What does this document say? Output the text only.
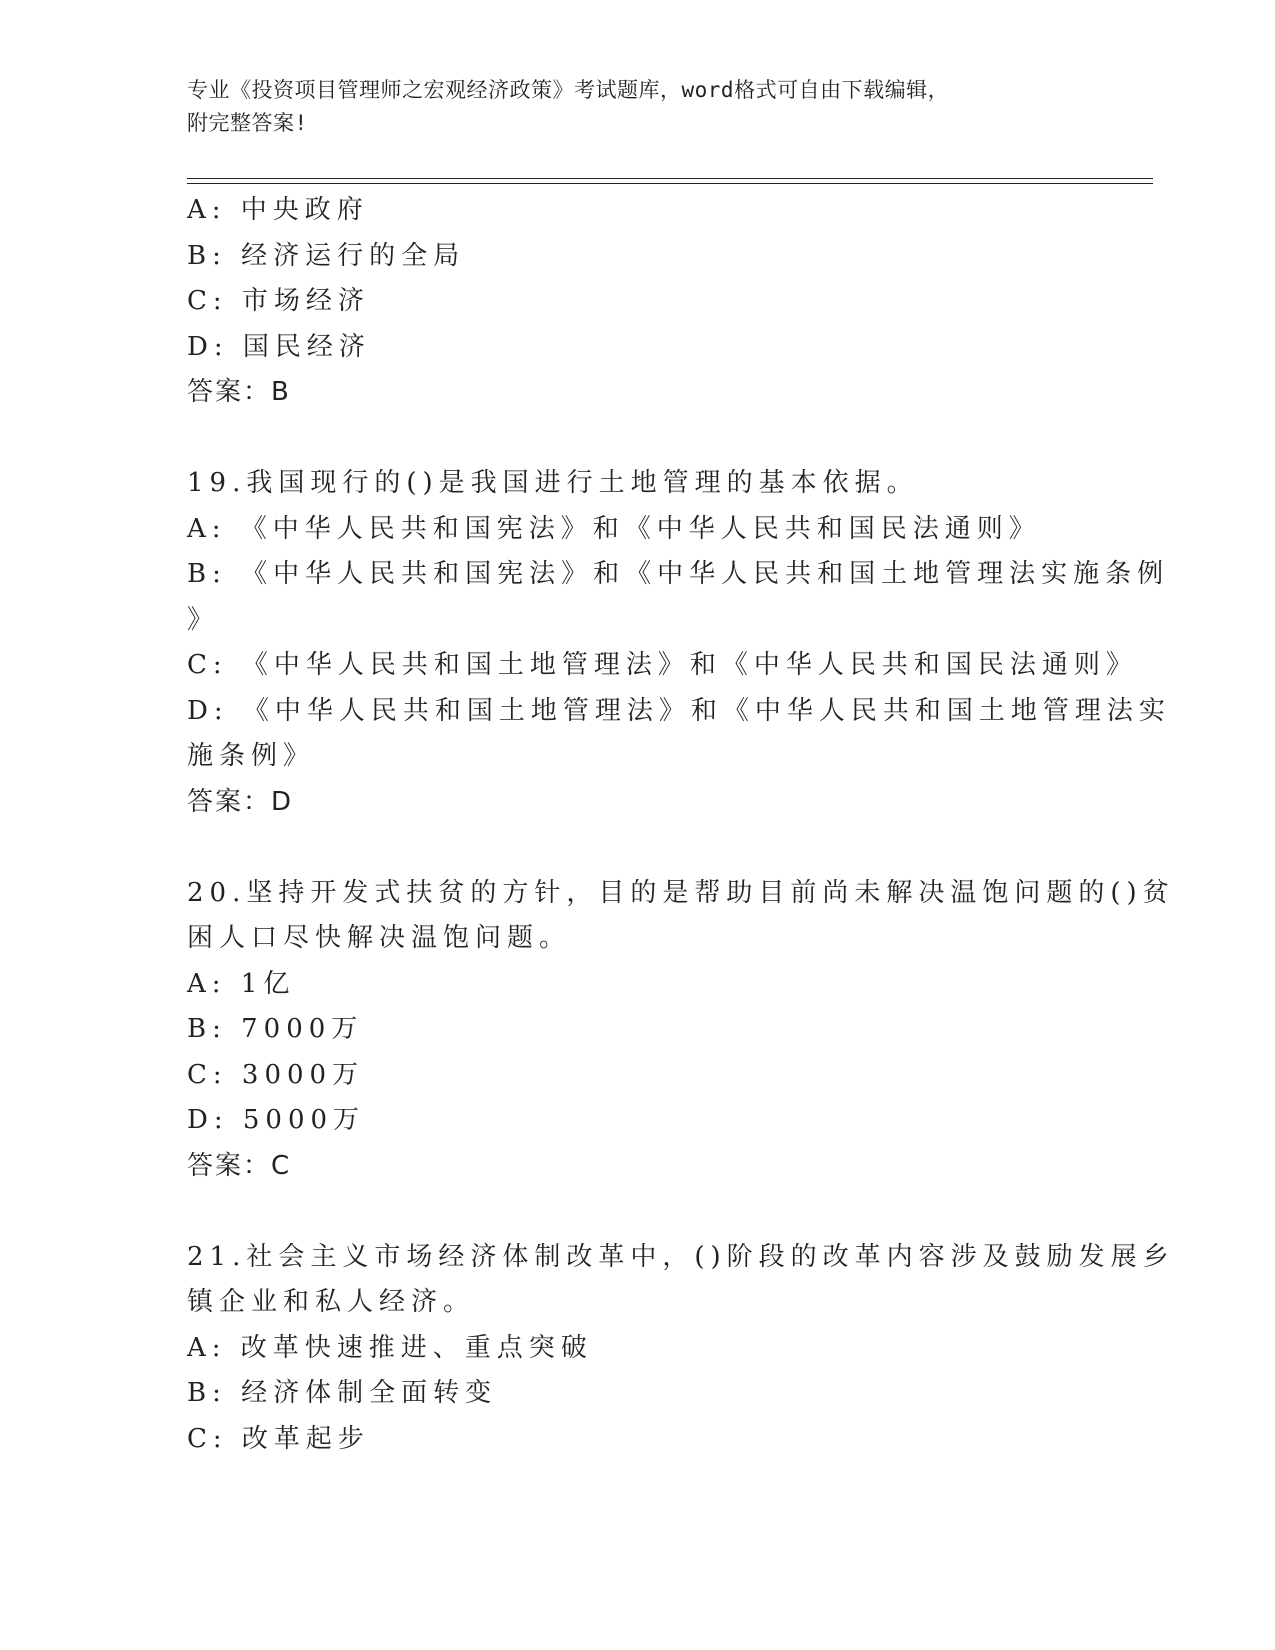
专业《投资项目管理师之宏观经济政策》考试题库，word格式可自由下载编辑，
附完整答案!
A: 中央政府
B: 经济运行的全局
C: 市场经济
D: 国民经济
答案：B
19.我国现行的()是我国进行土地管理的基本依据。
A: 《中华人民共和国宪法》和《中华人民共和国民法通则》
B: 《中华人民共和国宪法》和《中华人民共和国土地管理法实施条例
》
C: 《中华人民共和国土地管理法》和《中华人民共和国民法通则》
D: 《中华人民共和国土地管理法》和《中华人民共和国土地管理法实
施条例》
答案：D
20.坚持开发式扶贫的方针，目的是帮助目前尚未解决温饱问题的()贫
困人口尽快解决温饱问题。
A: 1亿
B: 7000万
C: 3000万
D: 5000万
答案：C
21.社会主义市场经济体制改革中，()阶段的改革内容涉及鼓励发展乡
镇企业和私人经济。
A: 改革快速推进、重点突破
B: 经济体制全面转变
C: 改革起步
